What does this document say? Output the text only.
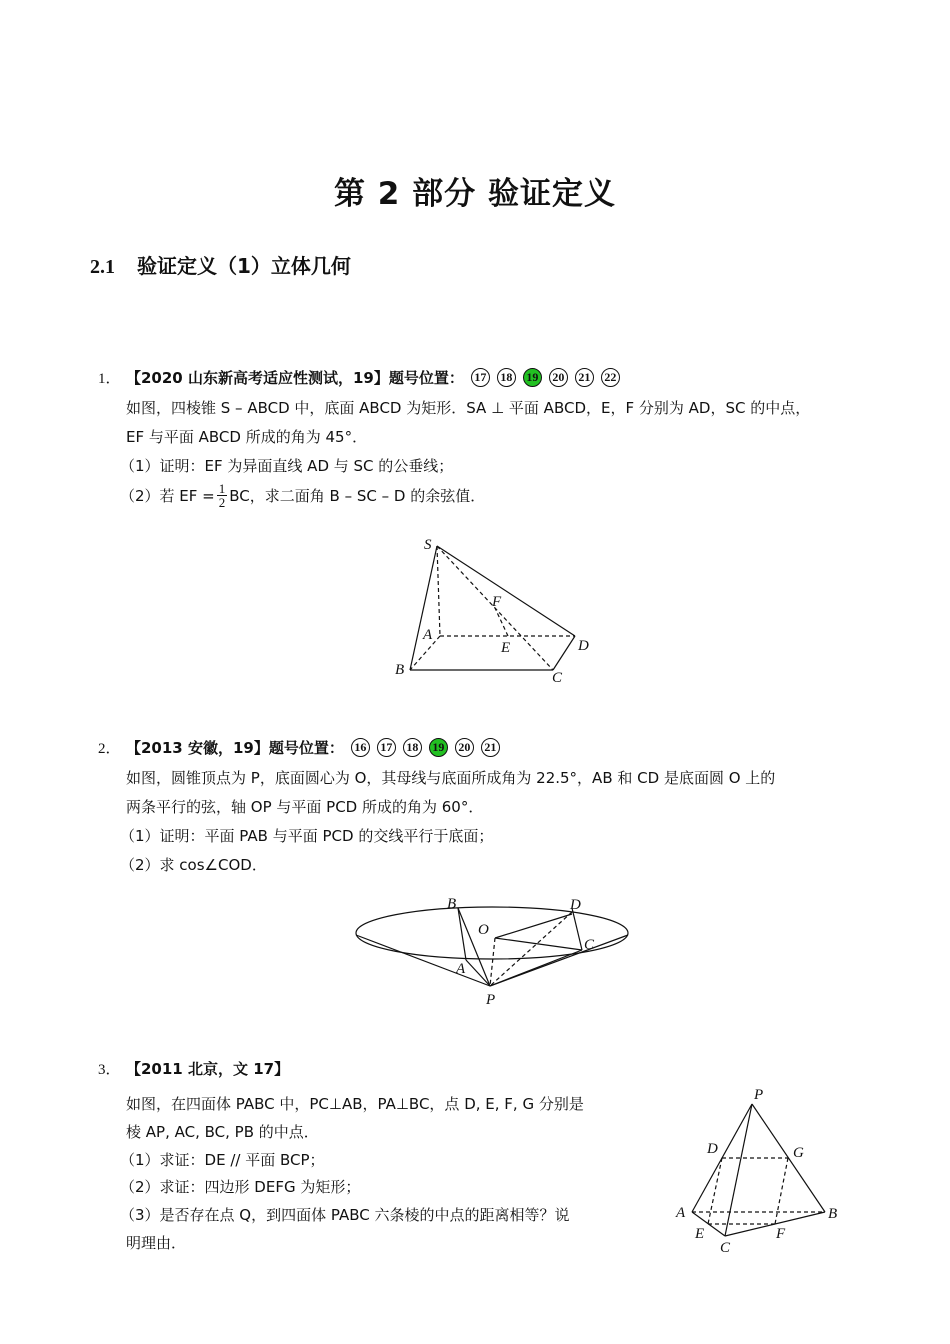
第 2 部分 验证定义
2.1 验证定义（1）立体几何
1． 【2020 山东新高考适应性测试，19】题号位置： 17 18 19 20 21 22
如图，四棱锥 S – ABCD 中，底面 ABCD 为矩形．SA ⊥ 平面 ABCD，E，F 分别为 AD，SC 的中点，
EF 与平面 ABCD 所成的角为 45°．
（1）证明：EF 为异面直线 AD 与 SC 的公垂线；
（2）若 EF = $\frac{1}{2}$ BC，求二面角 B – SC – D 的余弦值．
S
F
A
E	D
B	C
2． 【2013 安徽，19】题号位置： 16 17 18 19 20 21
如图，圆锥顶点为 P，底面圆心为 O，其母线与底面所成角为 22.5°，AB 和 CD 是底面圆 O 上的
两条平行的弦，轴 OP 与平面 PCD 所成的角为 60°．
（1）证明：平面 PAB 与平面 PCD 的交线平行于底面；
（2）求 cos∠COD．
B	D
O
C
A
P
3． 【2011 北京，文 17】
如图，在四面体 PABC 中，PC⊥AB，PA⊥BC，点 D, E, F, G 分别是
棱 AP, AC, BC, PB 的中点．
（1）求证：DE // 平面 BCP；
（2）求证：四边形 DEFG 为矩形；
（3）是否存在点 Q，到四面体 PABC 六条棱的中点的距离相等？说
明理由．
P
D	G
A	B
E	F
C
